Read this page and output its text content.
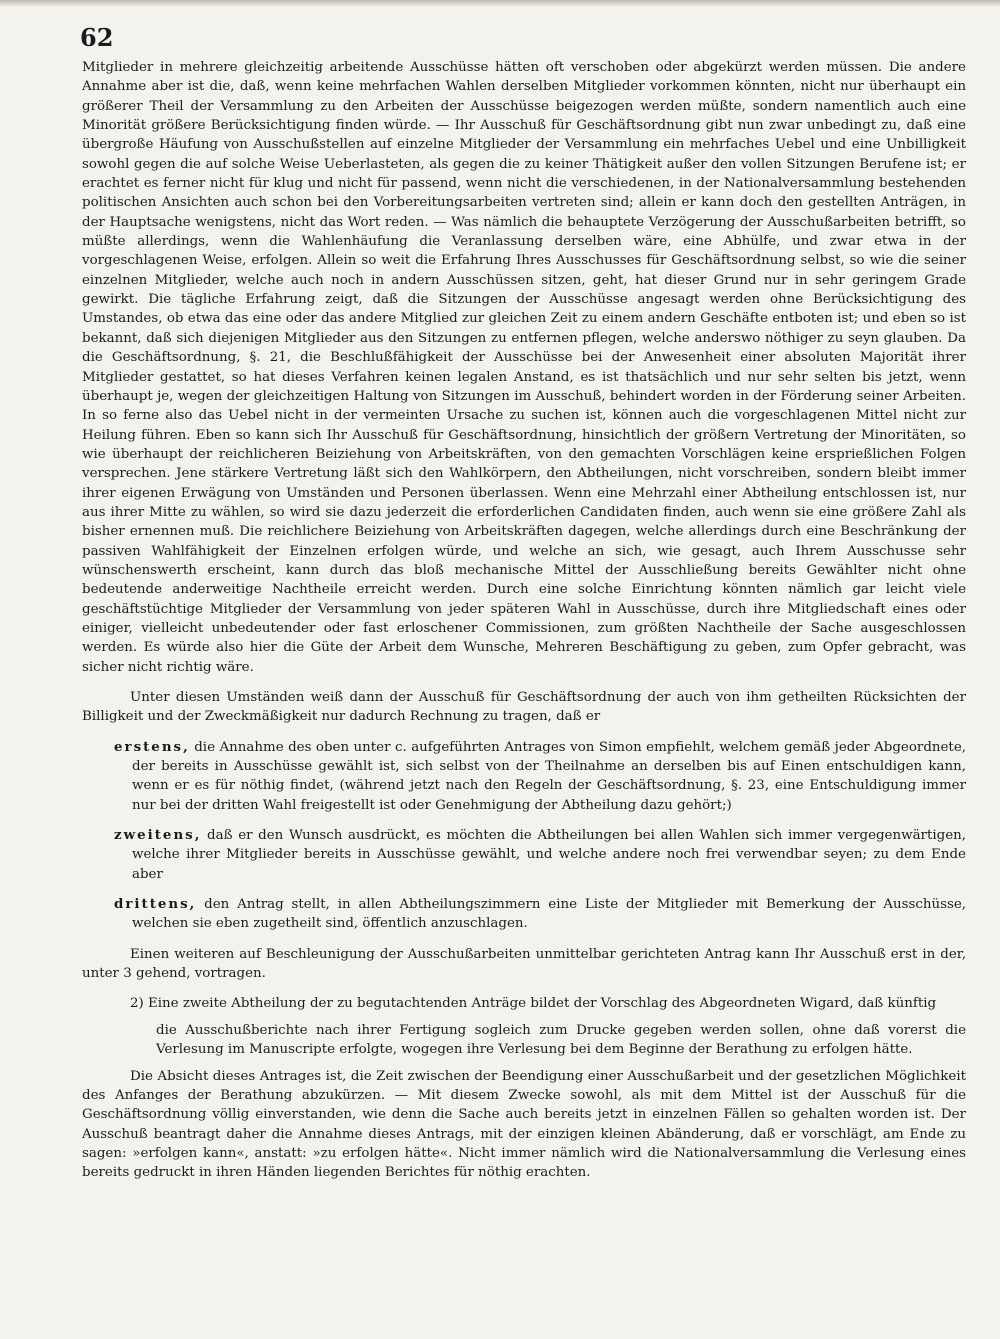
62

Mitglieder in mehrere gleichzeitig arbeitende Ausschüsse hätten oft verschoben oder abgekürzt werden müssen. Die andere Annahme aber ist die, daß, wenn keine mehrfachen Wahlen derselben Mitglieder vorkommen könnten, nicht nur überhaupt ein größerer Theil der Versammlung zu den Arbeiten der Ausschüsse beigezogen werden müßte, sondern namentlich auch eine Minorität größere Berücksichtigung finden würde. — Ihr Ausschuß für Geschäftsordnung gibt nun zwar unbedingt zu, daß eine übergroße Häufung von Ausschußstellen auf einzelne Mitglieder der Versammlung ein mehrfaches Uebel und eine Unbilligkeit sowohl gegen die auf solche Weise Ueberlasteten, als gegen die zu keiner Thätigkeit außer den vollen Sitzungen Berufene ist; er erachtet es ferner nicht für klug und nicht für passend, wenn nicht die verschiedenen, in der Nationalversammlung bestehenden politischen Ansichten auch schon bei den Vorbereitungsarbeiten vertreten sind; allein er kann doch den gestellten Anträgen, in der Hauptsache wenigstens, nicht das Wort reden. — Was nämlich die behauptete Verzögerung der Ausschußarbeiten betrifft, so müßte allerdings, wenn die Wahlenhäufung die Veranlassung derselben wäre, eine Abhülfe, und zwar etwa in der vorgeschlagenen Weise, erfolgen. Allein so weit die Erfahrung Ihres Ausschusses für Geschäftsordnung selbst, so wie die seiner einzelnen Mitglieder, welche auch noch in andern Ausschüssen sitzen, geht, hat dieser Grund nur in sehr geringem Grade gewirkt. Die tägliche Erfahrung zeigt, daß die Sitzungen der Ausschüsse angesagt werden ohne Berücksichtigung des Umstandes, ob etwa das eine oder das andere Mitglied zur gleichen Zeit zu einem andern Geschäfte entboten ist; und eben so ist bekannt, daß sich diejenigen Mitglieder aus den Sitzungen zu entfernen pflegen, welche anderswo nöthiger zu seyn glauben. Da die Geschäftsordnung, §. 21, die Beschlußfähigkeit der Ausschüsse bei der Anwesenheit einer absoluten Majorität ihrer Mitglieder gestattet, so hat dieses Verfahren keinen legalen Anstand, es ist thatsächlich und nur sehr selten bis jetzt, wenn überhaupt je, wegen der gleichzeitigen Haltung von Sitzungen im Ausschuß, behindert worden in der Förderung seiner Arbeiten. In so ferne also das Uebel nicht in der vermeinten Ursache zu suchen ist, können auch die vorgeschlagenen Mittel nicht zur Heilung führen. Eben so kann sich Ihr Ausschuß für Geschäftsordnung, hinsichtlich der größern Vertretung der Minoritäten, so wie überhaupt der reichlicheren Beiziehung von Arbeitskräften, von den gemachten Vorschlägen keine ersprießlichen Folgen versprechen. Jene stärkere Vertretung läßt sich den Wahlkörpern, den Abtheilungen, nicht vorschreiben, sondern bleibt immer ihrer eigenen Erwägung von Umständen und Personen überlassen. Wenn eine Mehrzahl einer Abtheilung entschlossen ist, nur aus ihrer Mitte zu wählen, so wird sie dazu jederzeit die erforderlichen Candidaten finden, auch wenn sie eine größere Zahl als bisher ernennen muß. Die reichlichere Beiziehung von Arbeitskräften dagegen, welche allerdings durch eine Beschränkung der passiven Wahlfähigkeit der Einzelnen erfolgen würde, und welche an sich, wie gesagt, auch Ihrem Ausschusse sehr wünschenswerth erscheint, kann durch das bloß mechanische Mittel der Ausschließung bereits Gewählter nicht ohne bedeutende anderweitige Nachtheile erreicht werden. Durch eine solche Einrichtung könnten nämlich gar leicht viele geschäftstüchtige Mitglieder der Versammlung von jeder späteren Wahl in Ausschüsse, durch ihre Mitgliedschaft eines oder einiger, vielleicht unbedeutender oder fast erloschener Commissionen, zum größten Nachtheile der Sache ausgeschlossen werden. Es würde also hier die Güte der Arbeit dem Wunsche, Mehreren Beschäftigung zu geben, zum Opfer gebracht, was sicher nicht richtig wäre.

Unter diesen Umständen weiß dann der Ausschuß für Geschäftsordnung der auch von ihm getheilten Rücksichten der Billigkeit und der Zweckmäßigkeit nur dadurch Rechnung zu tragen, daß er

erstens, die Annahme des oben unter c. aufgeführten Antrages von Simon empfiehlt, welchem gemäß jeder Abgeordnete, der bereits in Ausschüsse gewählt ist, sich selbst von der Theilnahme an derselben bis auf Einen entschuldigen kann, wenn er es für nöthig findet, (während jetzt nach den Regeln der Geschäftsordnung, §. 23, eine Entschuldigung immer nur bei der dritten Wahl freigestellt ist oder Genehmigung der Abtheilung dazu gehört;)

zweitens, daß er den Wunsch ausdrückt, es möchten die Abtheilungen bei allen Wahlen sich immer vergegenwärtigen, welche ihrer Mitglieder bereits in Ausschüsse gewählt, und welche andere noch frei verwendbar seyen; zu dem Ende aber

drittens, den Antrag stellt, in allen Abtheilungszimmern eine Liste der Mitglieder mit Bemerkung der Ausschüsse, welchen sie eben zugetheilt sind, öffentlich anzuschlagen.

Einen weiteren auf Beschleunigung der Ausschußarbeiten unmittelbar gerichteten Antrag kann Ihr Ausschuß erst in der, unter 3 gehend, vortragen.

2) Eine zweite Abtheilung der zu begutachtenden Anträge bildet der Vorschlag des Abgeordneten Wigard, daß künftig

die Ausschußberichte nach ihrer Fertigung sogleich zum Drucke gegeben werden sollen, ohne daß vorerst die Verlesung im Manuscripte erfolgte, wogegen ihre Verlesung bei dem Beginne der Berathung zu erfolgen hätte.

Die Absicht dieses Antrages ist, die Zeit zwischen der Beendigung einer Ausschußarbeit und der gesetzlichen Möglichkeit des Anfanges der Berathung abzukürzen. — Mit diesem Zwecke sowohl, als mit dem Mittel ist der Ausschuß für die Geschäftsordnung völlig einverstanden, wie denn die Sache auch bereits jetzt in einzelnen Fällen so gehalten worden ist. Der Ausschuß beantragt daher die Annahme dieses Antrags, mit der einzigen kleinen Abänderung, daß er vorschlägt, am Ende zu sagen: »erfolgen kann«, anstatt: »zu erfolgen hätte«. Nicht immer nämlich wird die Nationalversammlung die Verlesung eines bereits gedruckt in ihren Händen liegenden Berichtes für nöthig erachten.
